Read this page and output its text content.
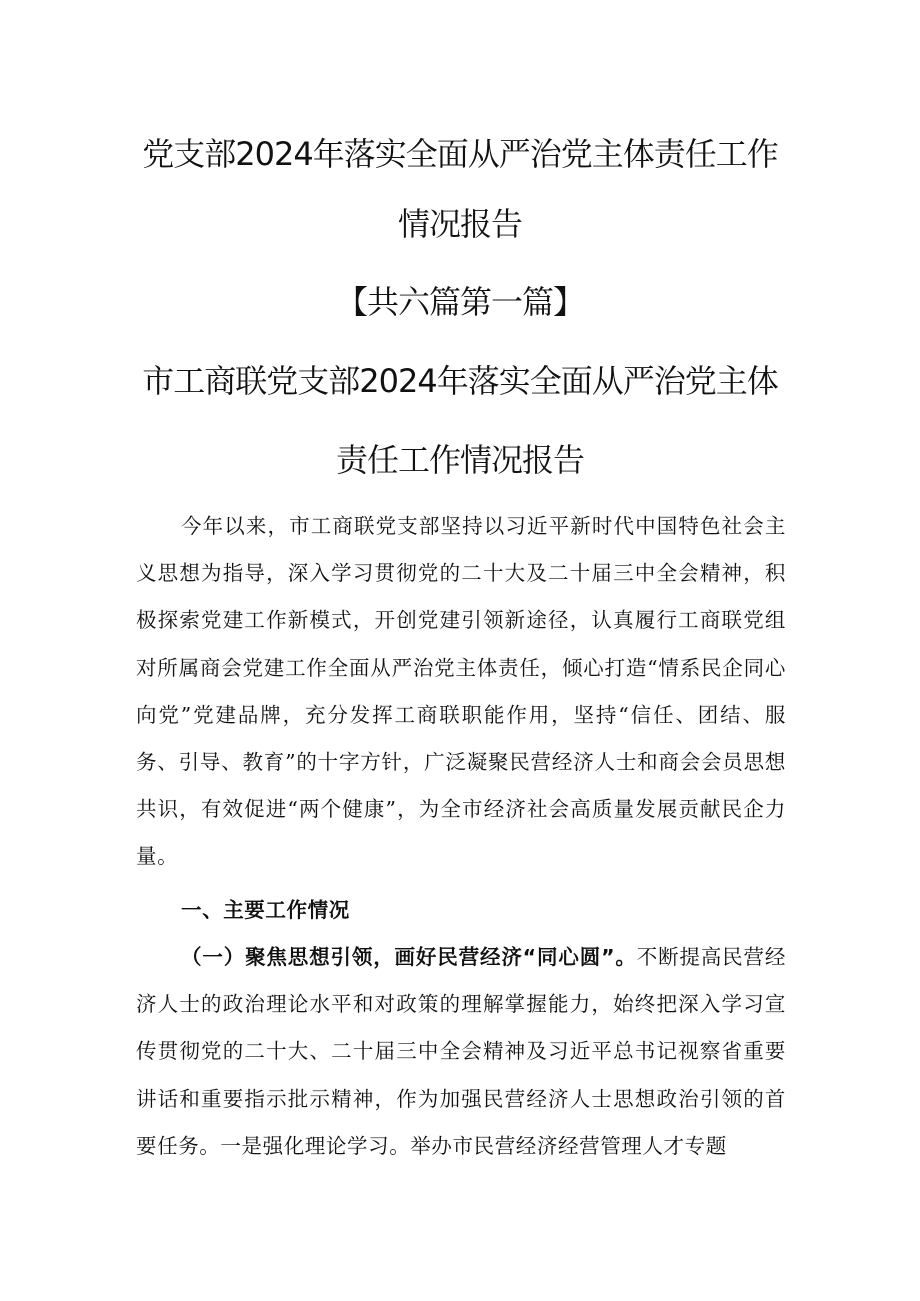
党支部2024年落实全面从严治党主体责任工作
情况报告
【共六篇第一篇】
市工商联党支部2024年落实全面从严治党主体
责任工作情况报告

今年以来，市工商联党支部坚持以习近平新时代中国特色社会主义思想为指导，深入学习贯彻党的二十大及二十届三中全会精神，积极探索党建工作新模式，开创党建引领新途径，认真履行工商联党组对所属商会党建工作全面从严治党主体责任，倾心打造“情系民企同心向党”党建品牌，充分发挥工商联职能作用，坚持“信任、团结、服务、引导、教育”的十字方针，广泛凝聚民营经济人士和商会会员思想共识，有效促进“两个健康”，为全市经济社会高质量发展贡献民企力量。

一、主要工作情况

（一）聚焦思想引领，画好民营经济“同心圆”。不断提高民营经济人士的政治理论水平和对政策的理解掌握能力，始终把深入学习宣传贯彻党的二十大、二十届三中全会精神及习近平总书记视察省重要讲话和重要指示批示精神，作为加强民营经济人士思想政治引领的首要任务。一是强化理论学习。举办市民营经济经营管理人才专题
